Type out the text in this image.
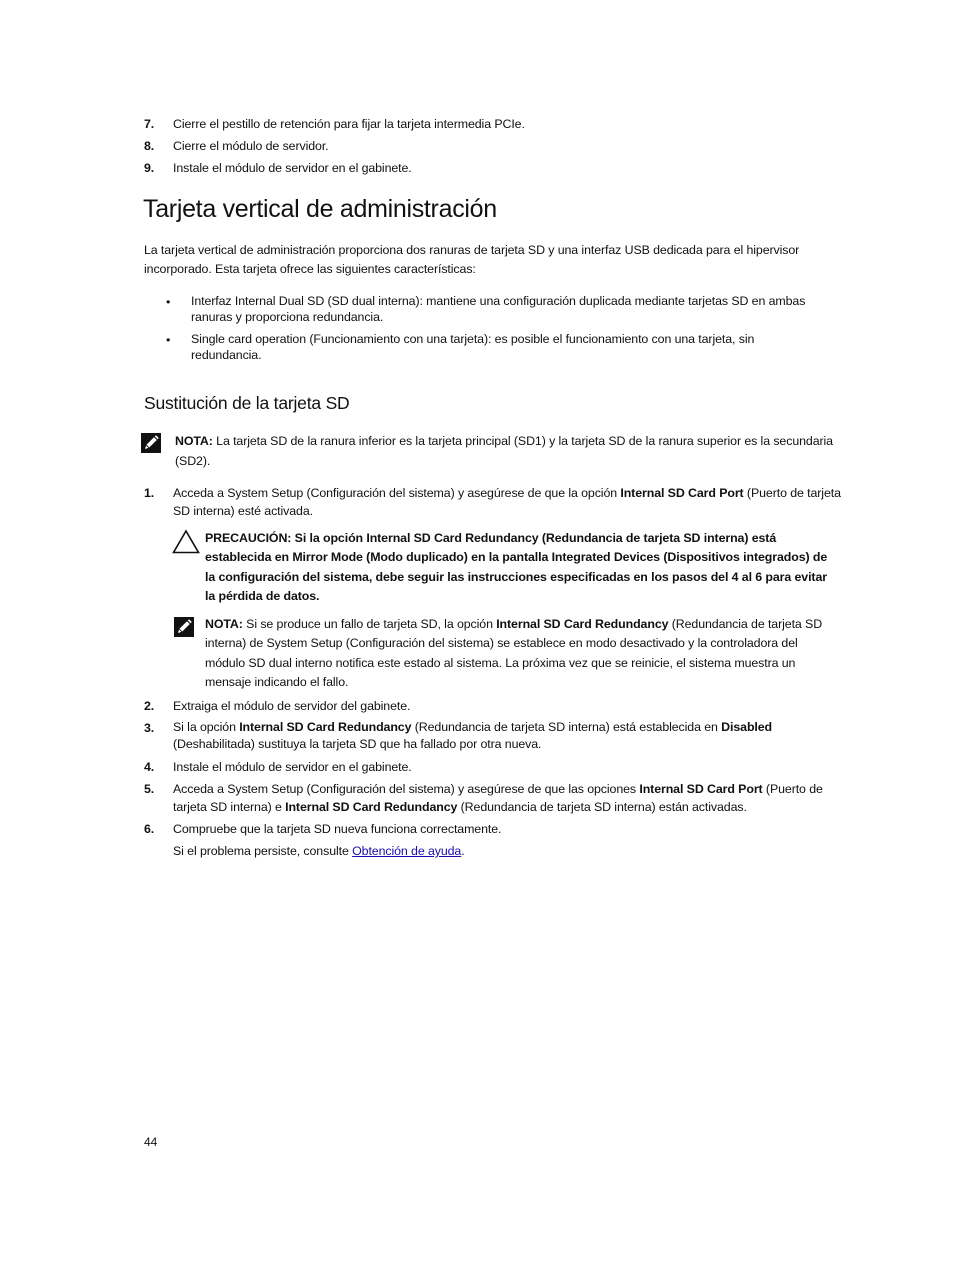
7. Cierre el pestillo de retención para fijar la tarjeta intermedia PCIe.
8. Cierre el módulo de servidor.
9. Instale el módulo de servidor en el gabinete.
Tarjeta vertical de administración
La tarjeta vertical de administración proporciona dos ranuras de tarjeta SD y una interfaz USB dedicada para el hipervisor incorporado. Esta tarjeta ofrece las siguientes características:
• Interfaz Internal Dual SD (SD dual interna): mantiene una configuración duplicada mediante tarjetas SD en ambas ranuras y proporciona redundancia.
• Single card operation (Funcionamiento con una tarjeta): es posible el funcionamiento con una tarjeta, sin redundancia.
Sustitución de la tarjeta SD
NOTA: La tarjeta SD de la ranura inferior es la tarjeta principal (SD1) y la tarjeta SD de la ranura superior es la secundaria (SD2).
1. Acceda a System Setup (Configuración del sistema) y asegúrese de que la opción Internal SD Card Port (Puerto de tarjeta SD interna) esté activada.
PRECAUCIÓN: Si la opción Internal SD Card Redundancy (Redundancia de tarjeta SD interna) está establecida en Mirror Mode (Modo duplicado) en la pantalla Integrated Devices (Dispositivos integrados) de la configuración del sistema, debe seguir las instrucciones especificadas en los pasos del 4 al 6 para evitar la pérdida de datos.
NOTA: Si se produce un fallo de tarjeta SD, la opción Internal SD Card Redundancy (Redundancia de tarjeta SD interna) de System Setup (Configuración del sistema) se establece en modo desactivado y la controladora del módulo SD dual interno notifica este estado al sistema. La próxima vez que se reinicie, el sistema muestra un mensaje indicando el fallo.
2. Extraiga el módulo de servidor del gabinete.
3. Si la opción Internal SD Card Redundancy (Redundancia de tarjeta SD interna) está establecida en Disabled (Deshabilitada) sustituya la tarjeta SD que ha fallado por otra nueva.
4. Instale el módulo de servidor en el gabinete.
5. Acceda a System Setup (Configuración del sistema) y asegúrese de que las opciones Internal SD Card Port (Puerto de tarjeta SD interna) e Internal SD Card Redundancy (Redundancia de tarjeta SD interna) están activadas.
6. Compruebe que la tarjeta SD nueva funciona correctamente.
Si el problema persiste, consulte Obtención de ayuda.
44
